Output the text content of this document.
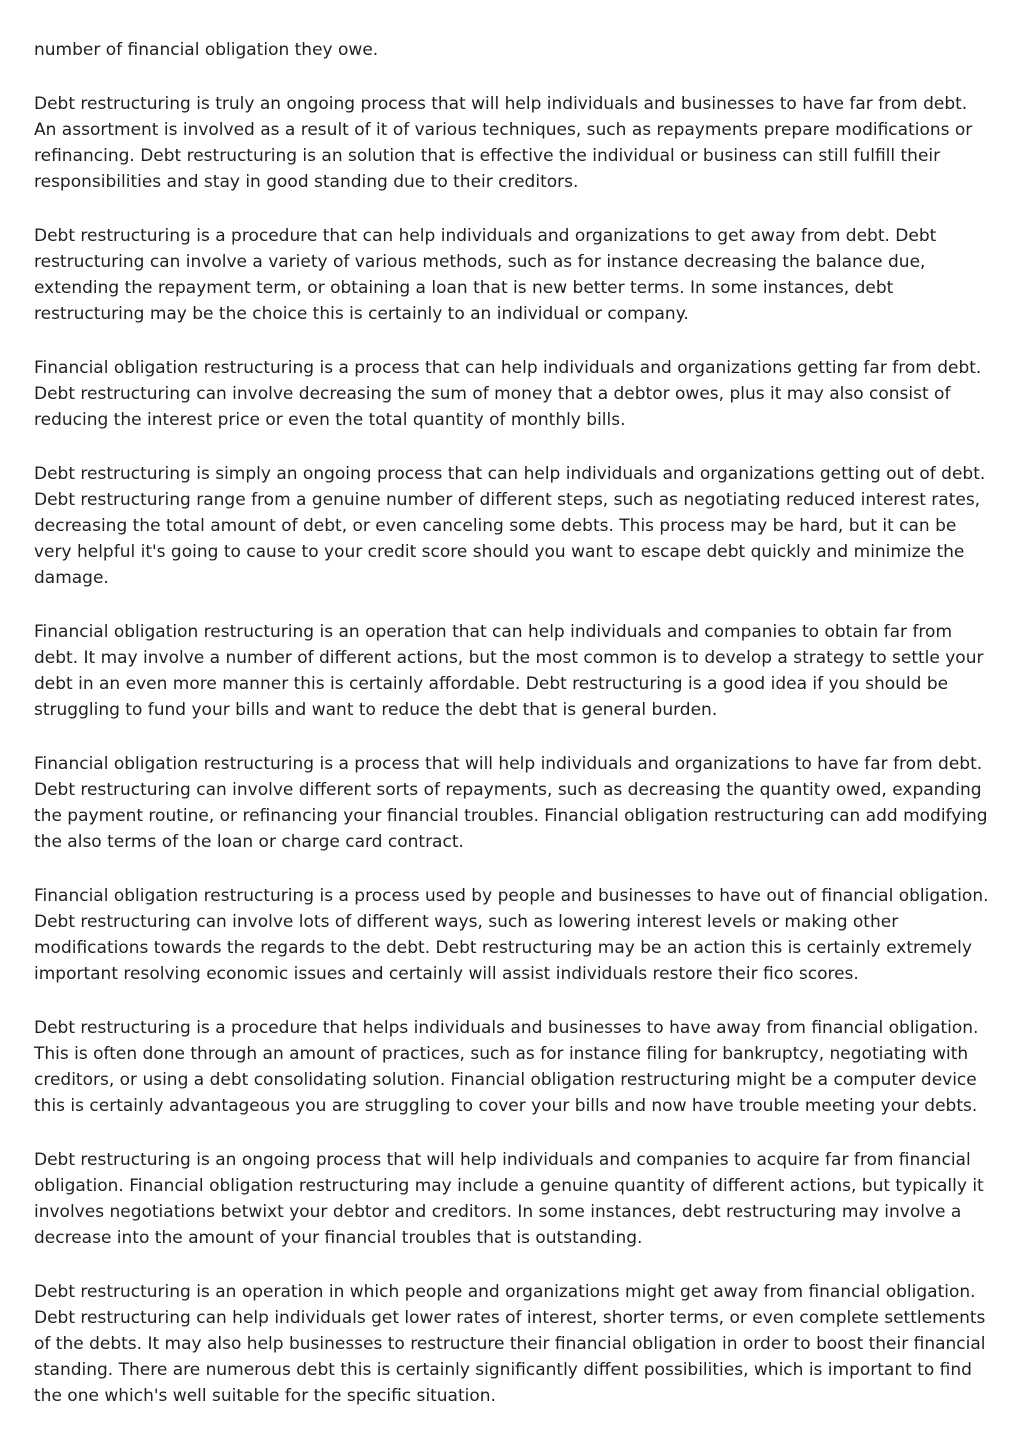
number of financial obligation they owe.

Debt restructuring is truly an ongoing process that will help individuals and businesses to have far from debt. An assortment is involved as a result of it of various techniques, such as repayments prepare modifications or refinancing. Debt restructuring is an solution that is effective the individual or business can still fulfill their responsibilities and stay in good standing due to their creditors.

Debt restructuring is a procedure that can help individuals and organizations to get away from debt. Debt restructuring can involve a variety of various methods, such as for instance decreasing the balance due, extending the repayment term, or obtaining a loan that is new better terms. In some instances, debt restructuring may be the choice this is certainly to an individual or company.

Financial obligation restructuring is a process that can help individuals and organizations getting far from debt. Debt restructuring can involve decreasing the sum of money that a debtor owes, plus it may also consist of reducing the interest price or even the total quantity of monthly bills.

Debt restructuring is simply an ongoing process that can help individuals and organizations getting out of debt. Debt restructuring range from a genuine number of different steps, such as negotiating reduced interest rates, decreasing the total amount of debt, or even canceling some debts. This process may be hard, but it can be very helpful it's going to cause to your credit score should you want to escape debt quickly and minimize the damage.

Financial obligation restructuring is an operation that can help individuals and companies to obtain far from debt. It may involve a number of different actions, but the most common is to develop a strategy to settle your debt in an even more manner this is certainly affordable. Debt restructuring is a good idea if you should be struggling to fund your bills and want to reduce the debt that is general burden.

Financial obligation restructuring is a process that will help individuals and organizations to have far from debt. Debt restructuring can involve different sorts of repayments, such as decreasing the quantity owed, expanding the payment routine, or refinancing your financial troubles. Financial obligation restructuring can add modifying the also terms of the loan or charge card contract.

Financial obligation restructuring is a process used by people and businesses to have out of financial obligation. Debt restructuring can involve lots of different ways, such as lowering interest levels or making other modifications towards the regards to the debt. Debt restructuring may be an action this is certainly extremely important resolving economic issues and certainly will assist individuals restore their fico scores.

Debt restructuring is a procedure that helps individuals and businesses to have away from financial obligation. This is often done through an amount of practices, such as for instance filing for bankruptcy, negotiating with creditors, or using a debt consolidating solution. Financial obligation restructuring might be a computer device this is certainly advantageous you are struggling to cover your bills and now have trouble meeting your debts.

Debt restructuring is an ongoing process that will help individuals and companies to acquire far from financial obligation. Financial obligation restructuring may include a genuine quantity of different actions, but typically it involves negotiations betwixt your debtor and creditors. In some instances, debt restructuring may involve a decrease into the amount of your financial troubles that is outstanding.

Debt restructuring is an operation in which people and organizations might get away from financial obligation. Debt restructuring can help individuals get lower rates of interest, shorter terms, or even complete settlements of the debts. It may also help businesses to restructure their financial obligation in order to boost their financial standing. There are numerous debt this is certainly significantly diffent possibilities, which is important to find the one which's well suitable for the specific situation.
